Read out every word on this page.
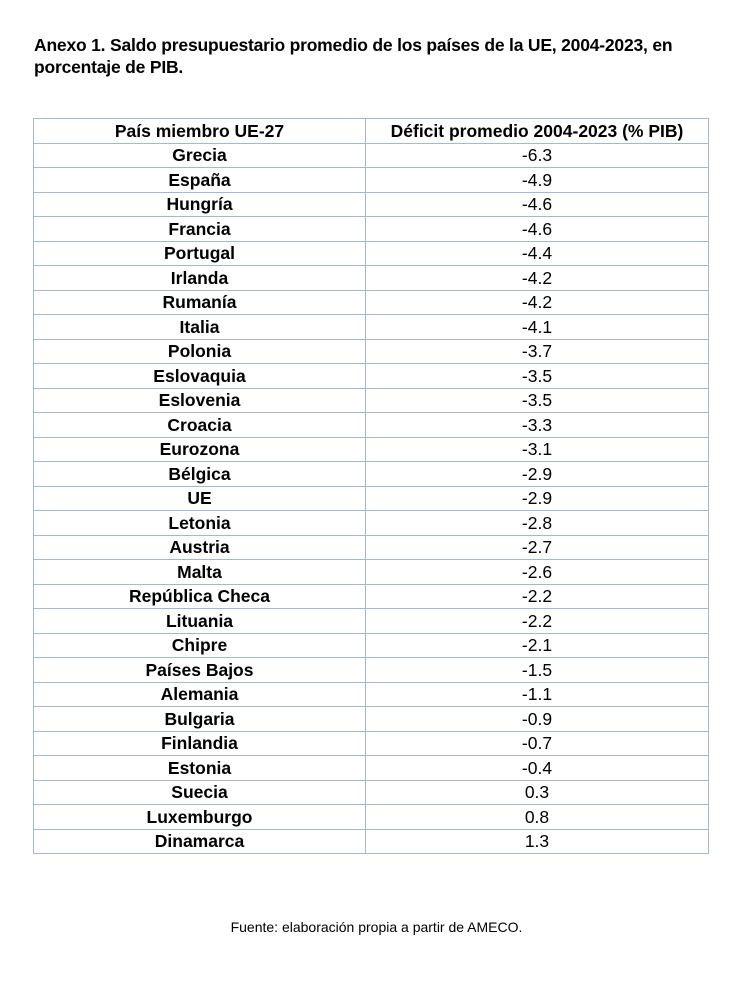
Anexo 1. Saldo presupuestario promedio de los países de la UE, 2004-2023, en porcentaje de PIB.
País miembro UE-27	Déficit promedio 2004-2023 (% PIB)
Grecia	-6.3
España	-4.9
Hungría	-4.6
Francia	-4.6
Portugal	-4.4
Irlanda	-4.2
Rumanía	-4.2
Italia	-4.1
Polonia	-3.7
Eslovaquia	-3.5
Eslovenia	-3.5
Croacia	-3.3
Eurozona	-3.1
Bélgica	-2.9
UE	-2.9
Letonia	-2.8
Austria	-2.7
Malta	-2.6
República Checa	-2.2
Lituania	-2.2
Chipre	-2.1
Países Bajos	-1.5
Alemania	-1.1
Bulgaria	-0.9
Finlandia	-0.7
Estonia	-0.4
Suecia	0.3
Luxemburgo	0.8
Dinamarca	1.3
Fuente: elaboración propia a partir de AMECO.
